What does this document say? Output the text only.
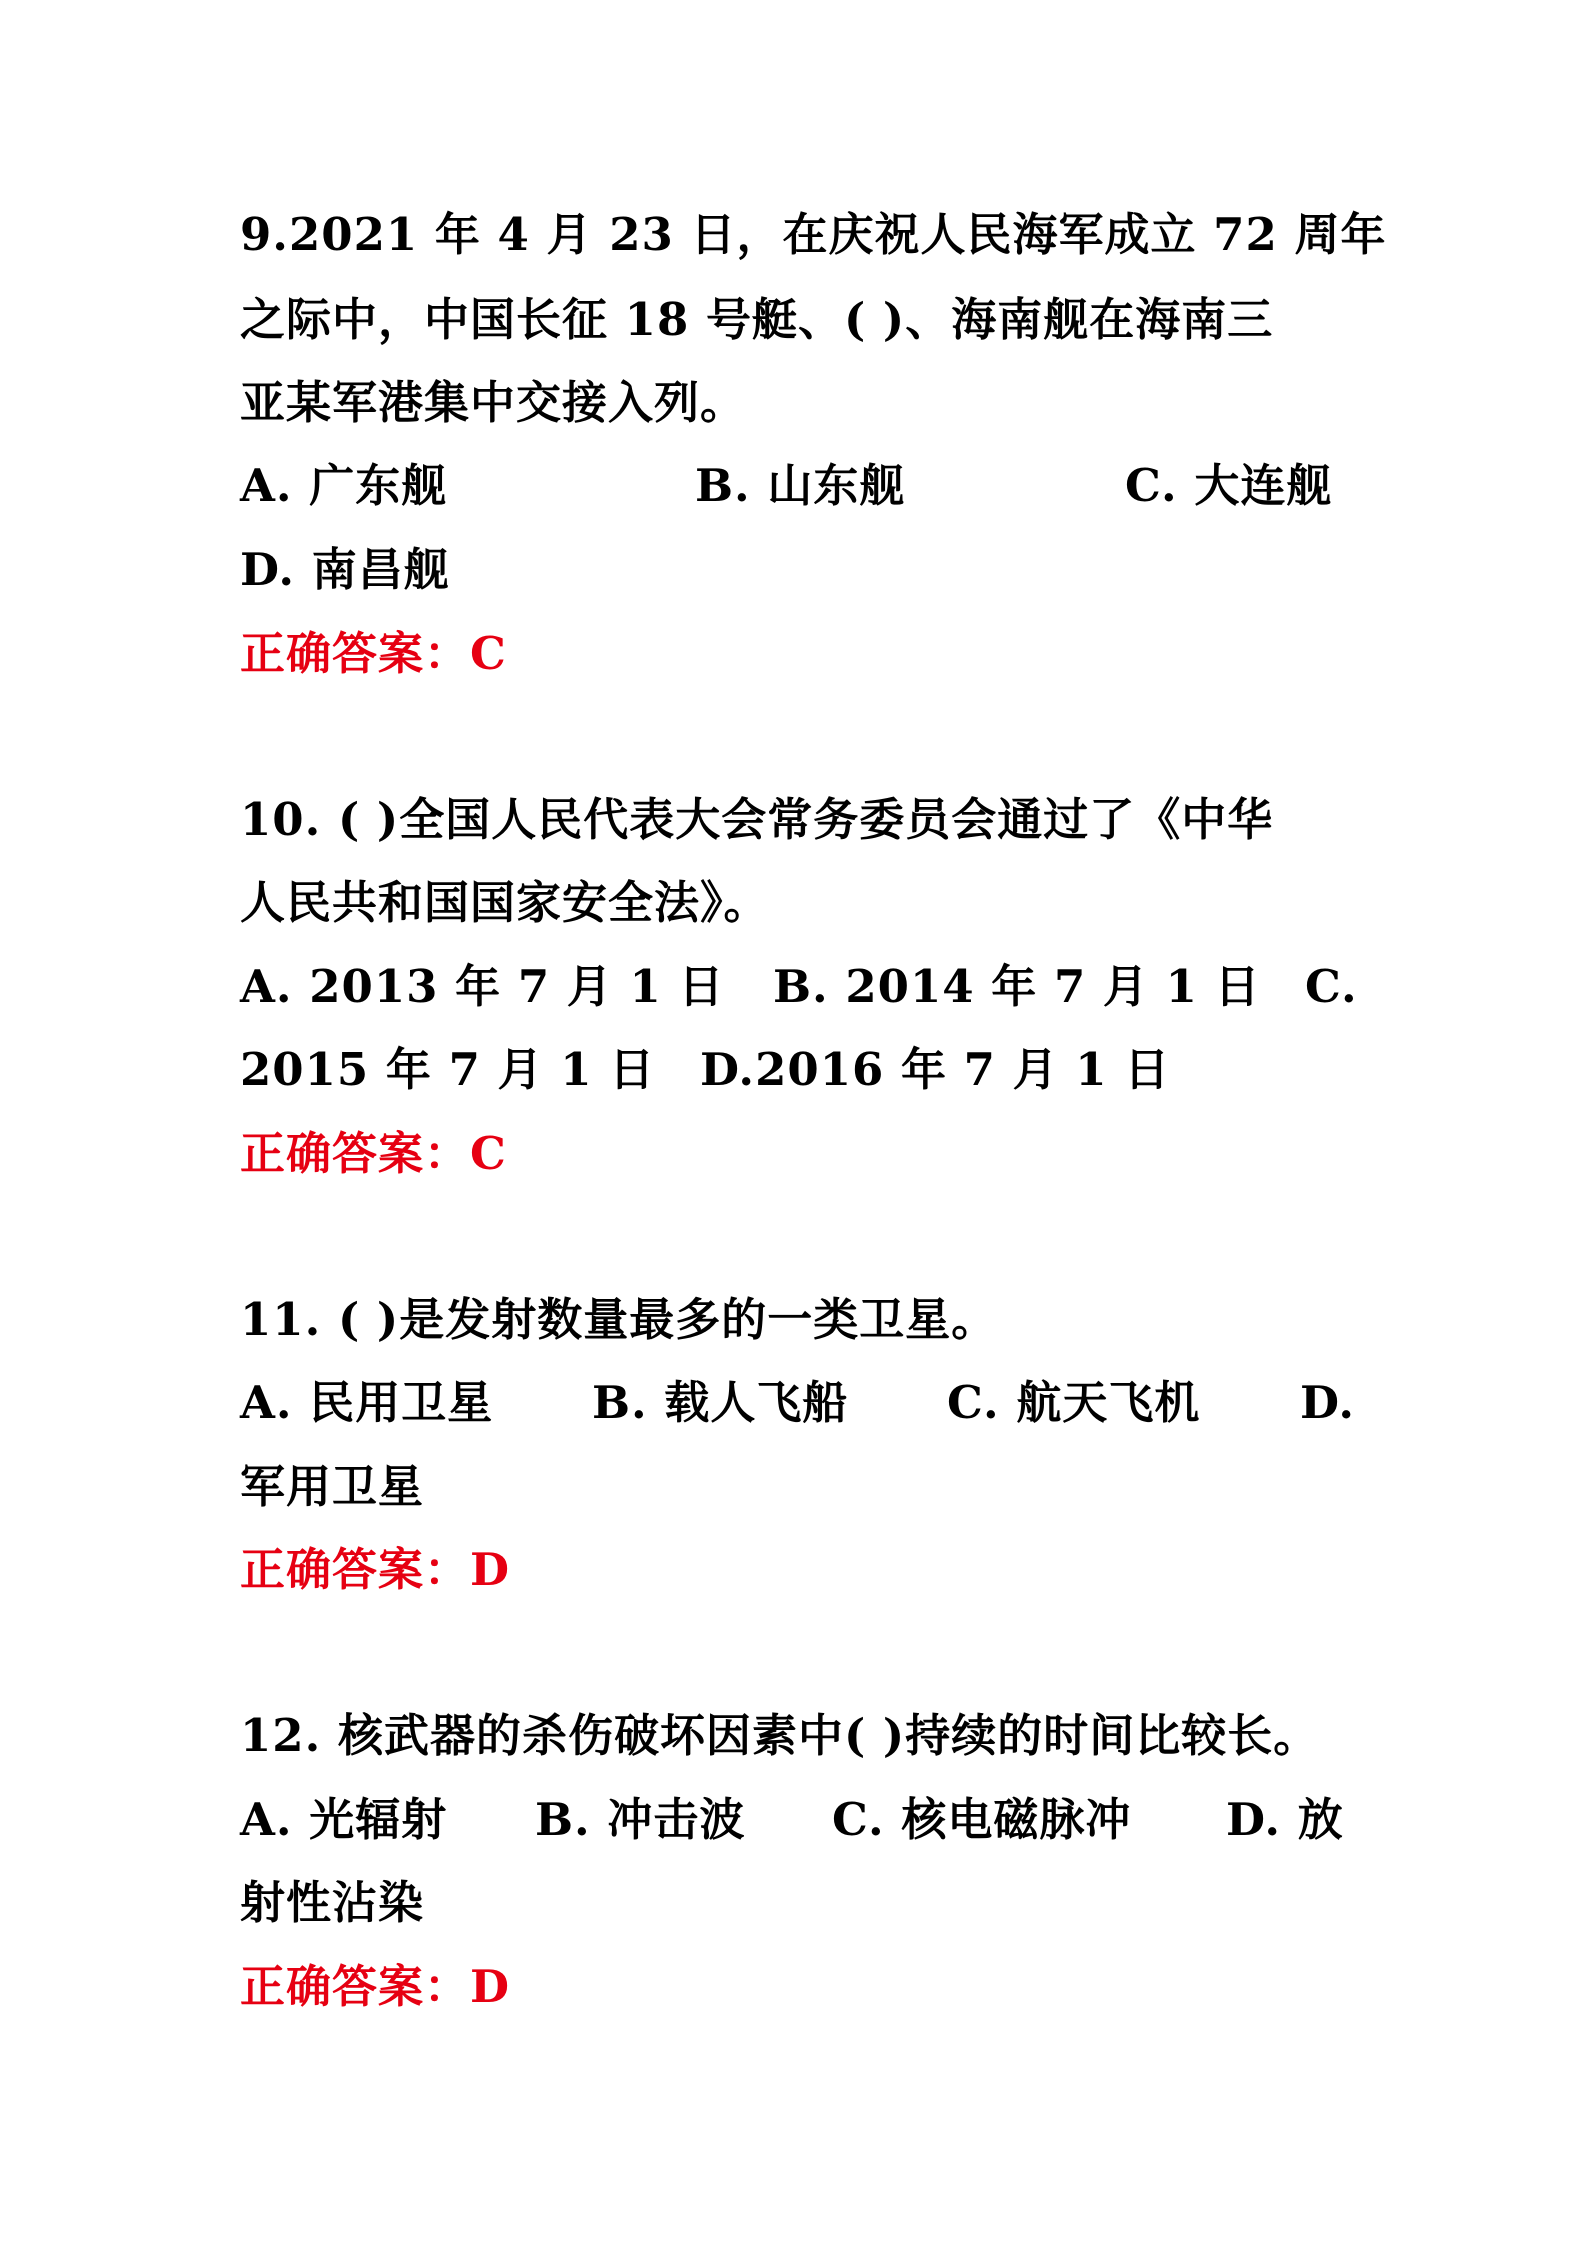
9.2021 年 4 月 23 日，在庆祝人民海军成立 72 周年
之际中，中国长征 18 号艇、( )、海南舰在海南三
亚某军港集中交接入列。
A. 广东舰	B. 山东舰	C. 大连舰
D. 南昌舰
正确答案：C
10. ( )全国人民代表大会常务委员会通过了《中华
人民共和国国家安全法》。
A. 2013 年 7 月 1 日 B. 2014 年 7 月 1 日 C.
2015 年 7 月 1 日 D.2016 年 7 月 1 日
正确答案：C
11. ( )是发射数量最多的一类卫星。
A. 民用卫星 B. 载人飞船 C. 航天飞机 D.
军用卫星
正确答案：D
12. 核武器的杀伤破坏因素中( )持续的时间比较长。
A. 光辐射 B. 冲击波 C. 核电磁脉冲 D. 放
射性沾染
正确答案：D
